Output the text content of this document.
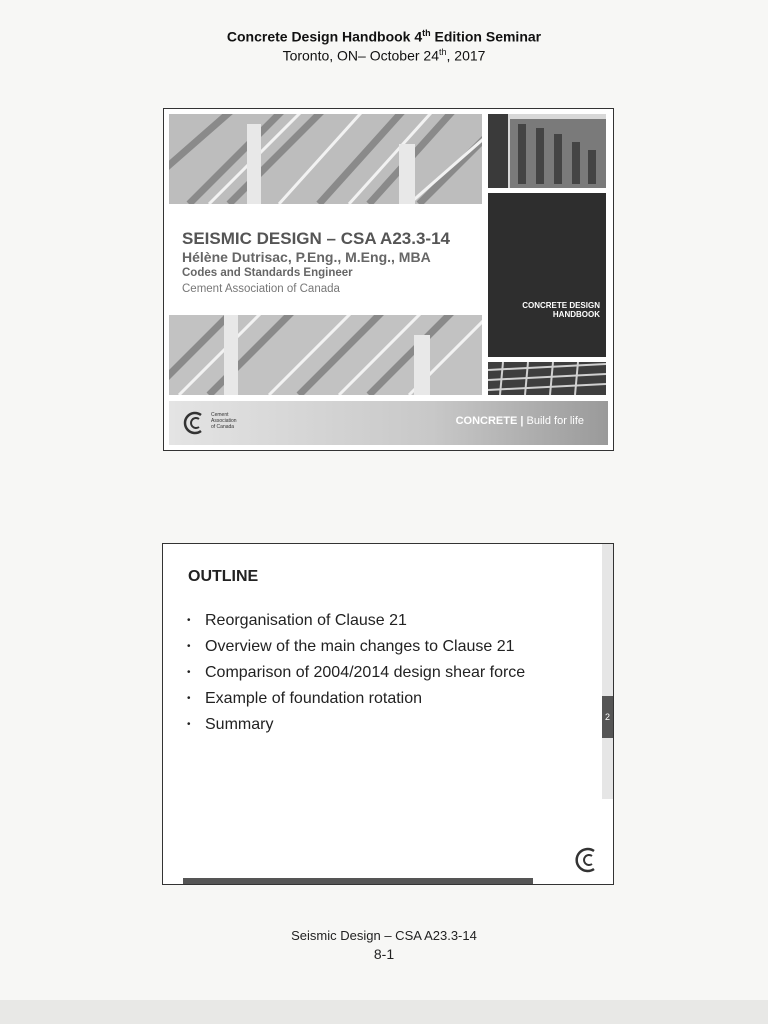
Concrete Design Handbook 4th Edition Seminar
Toronto, ON– October 24th, 2017
SEISMIC DESIGN – CSA A23.3-14
Hélène Dutrisac, P.Eng., M.Eng., MBA
Codes and Standards Engineer
Cement Association of Canada
CONCRETE DESIGN
HANDBOOK
Cement
Association
of Canada	CONCRETE | Build for life
OUTLINE
• Reorganisation of Clause 21
• Overview of the main changes to Clause 21
• Comparison of 2004/2014 design shear force
• Example of foundation rotation
• Summary	2
Seismic Design – CSA A23.3-14
8-1
